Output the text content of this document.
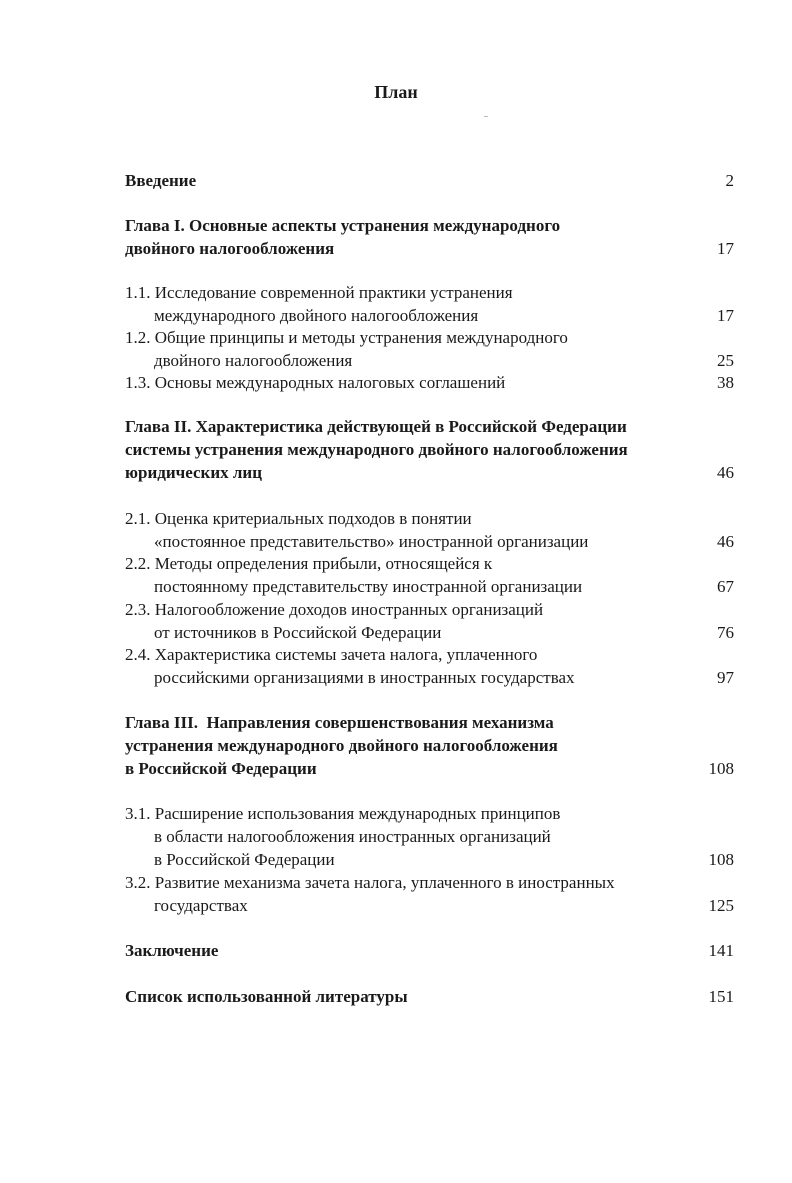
План
Введение	2
Глава I. Основные аспекты устранения международного
двойного налогообложения	17
1.1. Исследование современной практики устранения
международного двойного налогообложения	17
1.2. Общие принципы и методы устранения международного
двойного налогообложения	25
1.3. Основы международных налоговых соглашений	38
Глава II. Характеристика действующей в Российской Федерации
системы устранения международного двойного налогообложения
юридических лиц	46
2.1. Оценка критериальных подходов в понятии
«постоянное представительство» иностранной организации	46
2.2. Методы определения прибыли, относящейся к
постоянному представительству иностранной организации	67
2.3. Налогообложение доходов иностранных организаций
от источников в Российской Федерации	76
2.4. Характеристика системы зачета налога, уплаченного
российскими организациями в иностранных государствах	97
Глава III.  Направления совершенствования механизма
устранения международного двойного налогообложения
в Российской Федерации	108
3.1. Расширение использования международных принципов
в области налогообложения иностранных организаций
в Российской Федерации	108
3.2. Развитие механизма зачета налога, уплаченного в иностранных
государствах	125
Заключение	141
Список использованной литературы	151
